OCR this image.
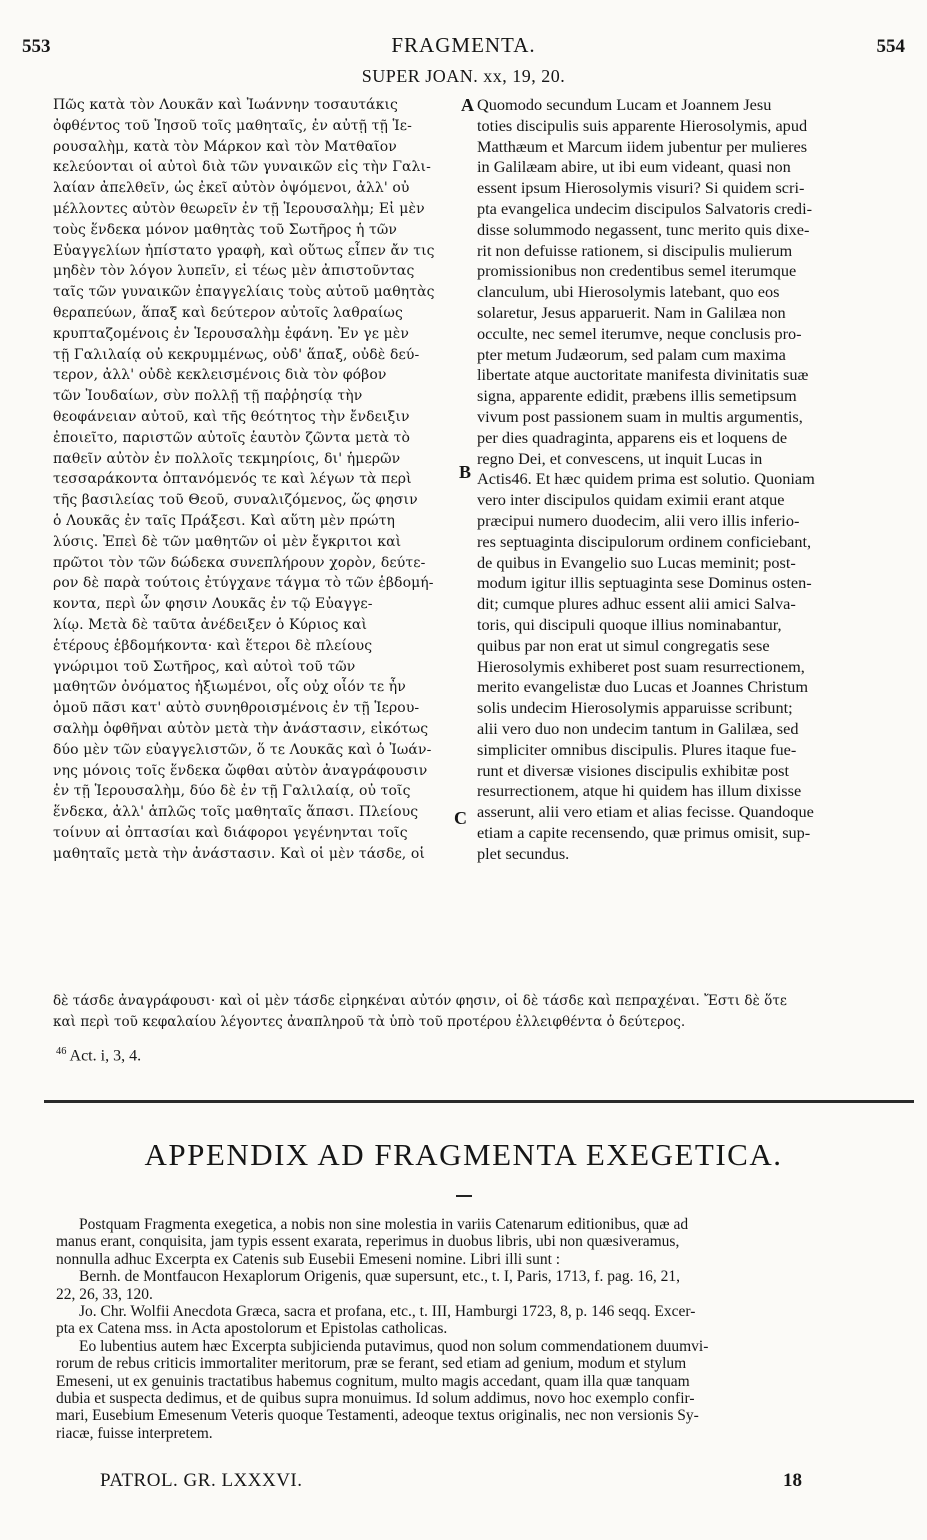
553	FRAGMENTA.	554
SUPER JOAN. xx, 19, 20.
Πῶς κατὰ τὸν Λουκᾶν καὶ Ἰωάννην τοσαυτάκις
ὀφθέντος τοῦ Ἰησοῦ τοῖς μαθηταῖς, ἐν αὐτῇ τῇ Ἱε-
ρουσαλὴμ, κατὰ τὸν Μάρκον καὶ τὸν Ματθαῖον
κελεύονται οἱ αὐτοὶ διὰ τῶν γυναικῶν εἰς τὴν Γαλι-
λαίαν ἀπελθεῖν, ὡς ἐκεῖ αὐτὸν ὀψόμενοι, ἀλλ' οὐ
μέλλοντες αὐτὸν θεωρεῖν ἐν τῇ Ἱερουσαλὴμ; Εἰ μὲν
τοὺς ἕνδεκα μόνον μαθητὰς τοῦ Σωτῆρος ἡ τῶν
Εὐαγγελίων ἠπίστατο γραφὴ, καὶ οὕτως εἶπεν ἄν τις
μηδὲν τὸν λόγον λυπεῖν, εἰ τέως μὲν ἀπιστοῦντας
ταῖς τῶν γυναικῶν ἐπαγγελίαις τοὺς αὐτοῦ μαθητὰς
θεραπεύων, ἅπαξ καὶ δεύτερον αὐτοῖς λαθραίως
κρυπταζομένοις ἐν Ἱερουσαλὴμ ἐφάνη. Ἐν γε μὲν
τῇ Γαλιλαίᾳ οὐ κεκρυμμένως, οὐδ' ἅπαξ, οὐδὲ δεύ-
τερον, ἀλλ' οὐδὲ κεκλεισμένοις διὰ τὸν φόβον
τῶν Ἰουδαίων, σὺν πολλῇ τῇ παῤῥησίᾳ τὴν
θεοφάνειαν αὐτοῦ, καὶ τῆς θεότητος τὴν ἔνδειξιν
ἐποιεῖτο, παριστῶν αὐτοῖς ἑαυτὸν ζῶντα μετὰ τὸ
παθεῖν αὐτὸν ἐν πολλοῖς τεκμηρίοις, δι' ἡμερῶν
τεσσαράκοντα ὀπτανόμενός τε καὶ λέγων τὰ περὶ
τῆς βασιλείας τοῦ Θεοῦ, συναλιζόμενος, ὥς φησιν
ὁ Λουκᾶς ἐν ταῖς Πράξεσι. Καὶ αὕτη μὲν πρώτη
λύσις. Ἐπεὶ δὲ τῶν μαθητῶν οἱ μὲν ἔγκριτοι καὶ
πρῶτοι τὸν τῶν δώδεκα συνεπλήρουν χορὸν, δεύτε-
ρον δὲ παρὰ τούτοις ἐτύγχανε τάγμα τὸ τῶν ἑβδομή-
κοντα, περὶ ὧν φησιν Λουκᾶς ἐν τῷ Εὐαγγε-
λίῳ. Μετὰ δὲ ταῦτα ἀνέδειξεν ὁ Κύριος καὶ
ἑτέρους ἑβδομήκοντα· καὶ ἕτεροι δὲ πλείους
γνώριμοι τοῦ Σωτῆρος, καὶ αὐτοὶ τοῦ τῶν
μαθητῶν ὀνόματος ἠξιωμένοι, οἷς οὐχ οἷόν τε ἦν
ὁμοῦ πᾶσι κατ' αὐτὸ συνηθροισμένοις ἐν τῇ Ἱερου-
σαλὴμ ὀφθῆναι αὐτὸν μετὰ τὴν ἀνάστασιν, εἰκότως
δύο μὲν τῶν εὐαγγελιστῶν, ὅ τε Λουκᾶς καὶ ὁ Ἰωάν-
νης μόνοις τοῖς ἕνδεκα ὤφθαι αὐτὸν ἀναγράφουσιν
ἐν τῇ Ἱερουσαλὴμ, δύο δὲ ἐν τῇ Γαλιλαίᾳ, οὐ τοῖς
ἕνδεκα, ἀλλ' ἁπλῶς τοῖς μαθηταῖς ἅπασι. Πλείους
τοίνυν αἱ ὀπτασίαι καὶ διάφοροι γεγένηνται τοῖς
μαθηταῖς μετὰ τὴν ἀνάστασιν. Καὶ οἱ μὲν τάσδε, οἱ
Quomodo secundum Lucam et Joannem Jesu
toties discipulis suis apparente Hierosolymis, apud
Matthæum et Marcum iidem jubentur per mulieres
in Galilæam abire, ut ibi eum videant, quasi non
essent ipsum Hierosolymis visuri? Si quidem scri-
pta evangelica undecim discipulos Salvatoris credi-
disse solummodo negassent, tunc merito quis dixe-
rit non defuisse rationem, si discipulis mulierum
promissionibus non credentibus semel iterumque
clanculum, ubi Hierosolymis latebant, quo eos
solaretur, Jesus apparuerit. Nam in Galilæa non
occulte, nec semel iterumve, neque conclusis pro-
pter metum Judæorum, sed palam cum maxima
libertate atque auctoritate manifesta divinitatis suæ
signa, apparente edidit, præbens illis semetipsum
vivum post passionem suam in multis argumentis,
per dies quadraginta, apparens eis et loquens de
regno Dei, et convescens, ut inquit Lucas in
Actis46. Et hæc quidem prima est solutio. Quoniam
vero inter discipulos quidam eximii erant atque
præcipui numero duodecim, alii vero illis inferio-
res septuaginta discipulorum ordinem conficiebant,
de quibus in Evangelio suo Lucas meminit; post-
modum igitur illis septuaginta sese Dominus osten-
dit; cumque plures adhuc essent alii amici Salva-
toris, qui discipuli quoque illius nominabantur,
quibus par non erat ut simul congregatis sese
Hierosolymis exhiberet post suam resurrectionem,
merito evangelistæ duo Lucas et Joannes Christum
solis undecim Hierosolymis apparuisse scribunt;
alii vero duo non undecim tantum in Galilæa, sed
simpliciter omnibus discipulis. Plures itaque fue-
runt et diversæ visiones discipulis exhibitæ post
resurrectionem, atque hi quidem has illum dixisse
asserunt, alii vero etiam et alias fecisse. Quandoque
etiam a capite recensendo, quæ primus omisit, sup-
plet secundus.
A
B
C
δὲ τάσδε ἀναγράφουσι· καὶ οἱ μὲν τάσδε εἰρηκέναι αὐτόν φησιν, οἱ δὲ τάσδε καὶ πεπραχέναι. Ἔστι δὲ ὅτε
καὶ περὶ τοῦ κεφαλαίου λέγοντες ἀναπληροῦ τὰ ὑπὸ τοῦ προτέρου ἐλλειφθέντα ὁ δεύτερος.
$^{46}$ Act. i, 3, 4.
APPENDIX AD FRAGMENTA EXEGETICA.
Postquam Fragmenta exegetica, a nobis non sine molestia in variis Catenarum editionibus, quæ ad
manus erant, conquisita, jam typis essent exarata, reperimus in duobus libris, ubi non quæsiveramus,
nonnulla adhuc Excerpta ex Catenis sub Eusebii Emeseni nomine. Libri illi sunt :
Bernh. de Montfaucon Hexaplorum Origenis, quæ supersunt, etc., t. I, Paris, 1713, f. pag. 16, 21,
22, 26, 33, 120.
Jo. Chr. Wolfii Anecdota Græca, sacra et profana, etc., t. III, Hamburgi 1723, 8, p. 146 seqq. Excer-
pta ex Catena mss. in Acta apostolorum et Epistolas catholicas.
Eo lubentius autem hæc Excerpta subjicienda putavimus, quod non solum commendationem duumvi-
rorum de rebus criticis immortaliter meritorum, præ se ferant, sed etiam ad genium, modum et stylum
Emeseni, ut ex genuinis tractatibus habemus cognitum, multo magis accedant, quam illa quæ tanquam
dubia et suspecta dedimus, et de quibus supra monuimus. Id solum addimus, novo hoc exemplo confir-
mari, Eusebium Emesenum Veteris quoque Testamenti, adeoque textus originalis, nec non versionis Sy-
riacæ, fuisse interpretem.
PATROL. GR. LXXXVI.	18
